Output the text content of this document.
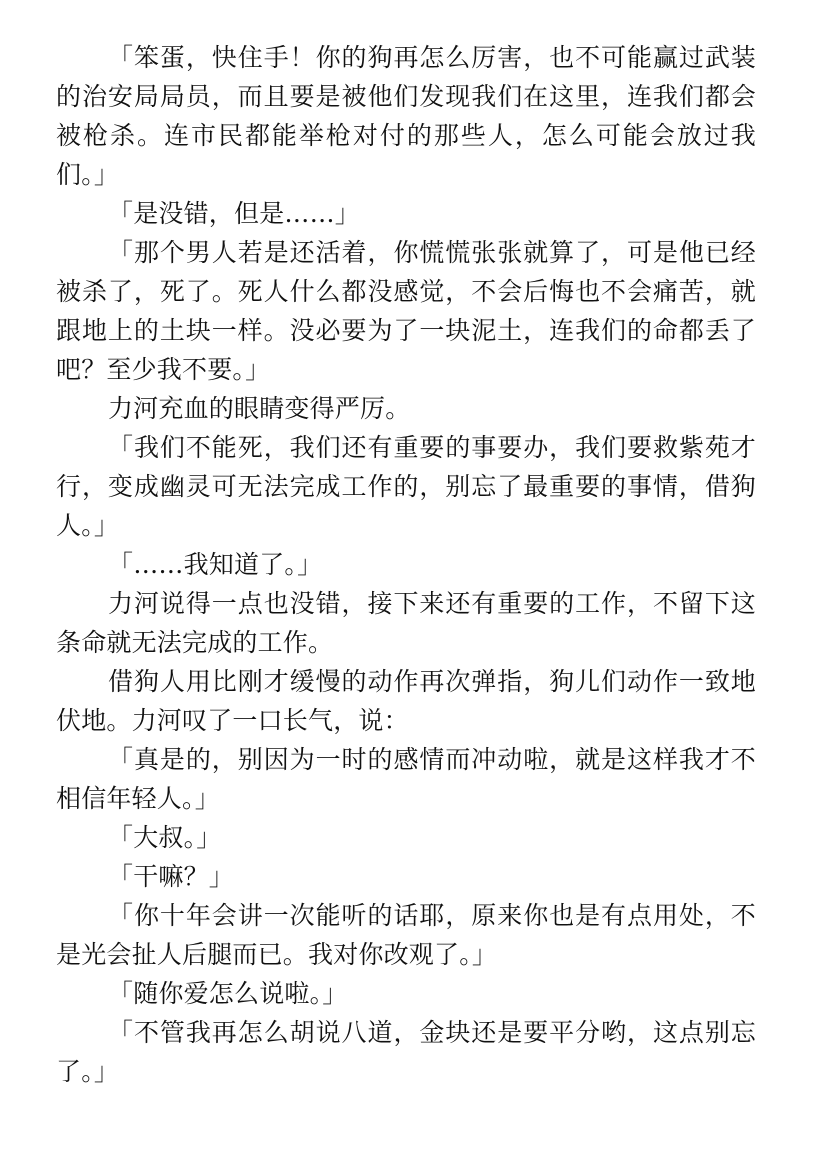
「笨蛋，快住手！你的狗再怎么厉害，也不可能赢过武装的治安局局员，而且要是被他们发现我们在这里，连我们都会被枪杀。连市民都能举枪对付的那些人，怎么可能会放过我们。」

「是没错，但是……」

「那个男人若是还活着，你慌慌张张就算了，可是他已经被杀了，死了。死人什么都没感觉，不会后悔也不会痛苦，就跟地上的土块一样。没必要为了一块泥土，连我们的命都丢了吧？至少我不要。」

力河充血的眼睛变得严厉。

「我们不能死，我们还有重要的事要办，我们要救紫苑才行，变成幽灵可无法完成工作的，别忘了最重要的事情，借狗人。」

「……我知道了。」

力河说得一点也没错，接下来还有重要的工作，不留下这条命就无法完成的工作。

借狗人用比刚才缓慢的动作再次弹指，狗儿们动作一致地伏地。力河叹了一口长气，说：

「真是的，别因为一时的感情而冲动啦，就是这样我才不相信年轻人。」

「大叔。」

「干嘛？」

「你十年会讲一次能听的话耶，原来你也是有点用处，不是光会扯人后腿而已。我对你改观了。」

「随你爱怎么说啦。」

「不管我再怎么胡说八道，金块还是要平分哟，这点别忘了。」
